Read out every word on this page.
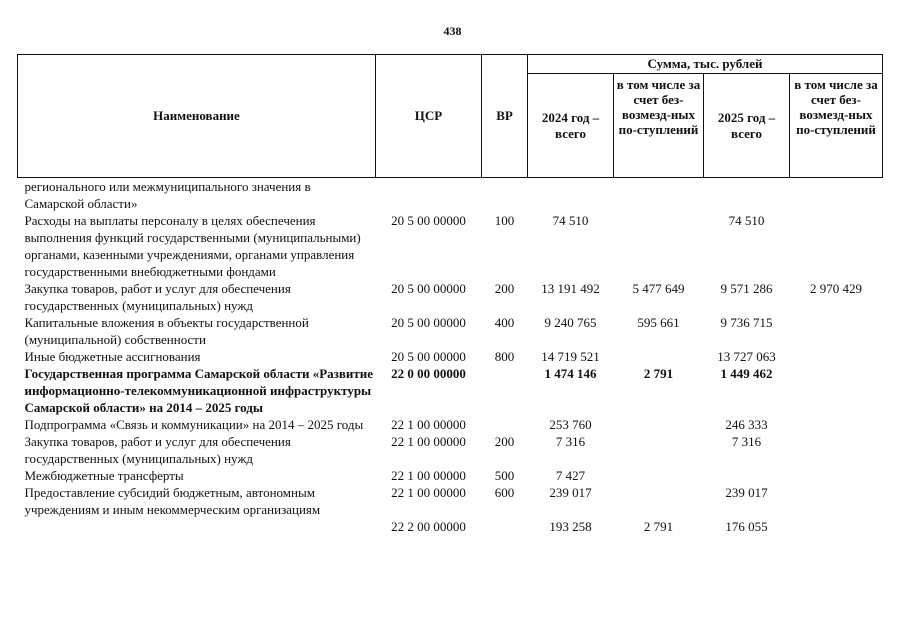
438
Наименование	ЦСР	ВР	Сумма, тыс. рублей			
			2024 год – всего	в том числе за счет без-возмезд-ных по-ступлений	2025 год – всего	в том числе за счет без-возмезд-ных по-ступлений
регионального или межмуниципального значения в Самарской области»						
Расходы на выплаты персоналу в целях обеспечения выполнения функций государственными (муниципальными) органами, казенными учреждениями, органами управления государственными внебюджетными фондами	20 5 00 00000	100	74 510		74 510	
Закупка товаров, работ и услуг для обеспечения государственных (муниципальных) нужд	20 5 00 00000	200	13 191 492	5 477 649	9 571 286	2 970 429
Капитальные вложения в объекты государственной (муниципальной) собственности	20 5 00 00000	400	9 240 765	595 661	9 736 715	
Иные бюджетные ассигнования	20 5 00 00000	800	14 719 521		13 727 063	
Государственная программа Самарской области «Развитие информационно-телекоммуникационной инфраструктуры Самарской области» на 2014 – 2025 годы	22 0 00 00000		1 474 146	2 791	1 449 462	
Подпрограмма «Связь и коммуникации» на 2014 – 2025 годы	22 1 00 00000		253 760		246 333	
Закупка товаров, работ и услуг для обеспечения государственных (муниципальных) нужд	22 1 00 00000	200	7 316		7 316	
Межбюджетные трансферты	22 1 00 00000	500	7 427			
Предоставление субсидий бюджетным, автономным учреждениям и иным некоммерческим организациям	22 1 00 00000	600	239 017		239 017	
	22 2 00 00000		193 258	2 791	176 055	
